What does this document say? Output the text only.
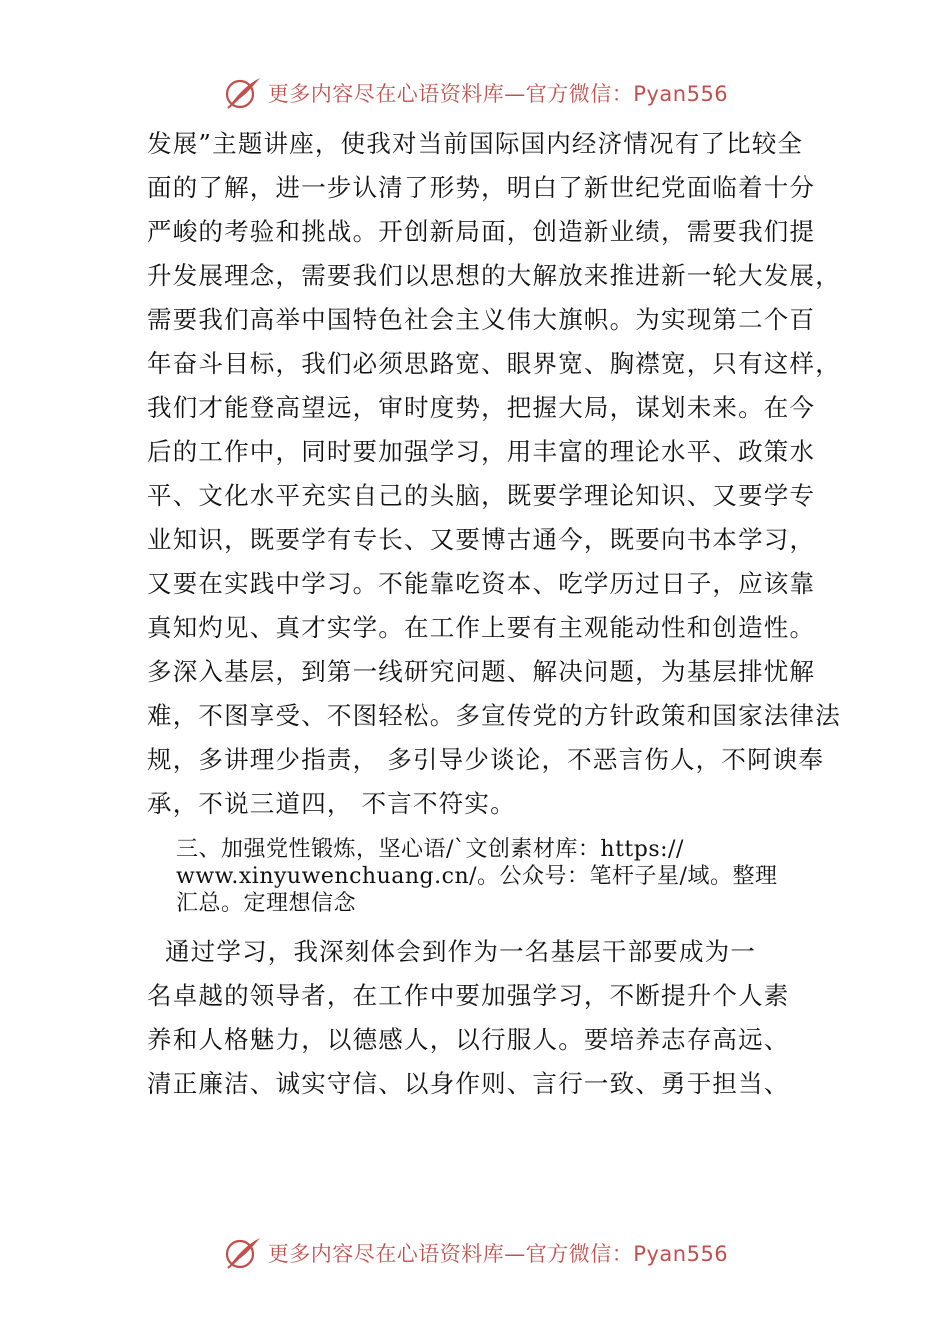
更多内容尽在心语资料库—官方微信：Pyan556
发展”主题讲座，使我对当前国际国内经济情况有了比较全
面的了解，进一步认清了形势，明白了新世纪党面临着十分
严峻的考验和挑战。开创新局面，创造新业绩，需要我们提
升发展理念，需要我们以思想的大解放来推进新一轮大发展，
需要我们高举中国特色社会主义伟大旗帜。为实现第二个百
年奋斗目标，我们必须思路宽、眼界宽、胸襟宽，只有这样，
我们才能登高望远，审时度势，把握大局，谋划未来。在今
后的工作中，同时要加强学习，用丰富的理论水平、政策水
平、文化水平充实自己的头脑，既要学理论知识、又要学专
业知识，既要学有专长、又要博古通今，既要向书本学习，
又要在实践中学习。不能靠吃资本、吃学历过日子，应该靠
真知灼见、真才实学。在工作上要有主观能动性和创造性。
多深入基层，到第一线研究问题、解决问题，为基层排忧解
难，不图享受、不图轻松。多宣传党的方针政策和国家法律法
规，多讲理少指责， 多引导少谈论，不恶言伤人，不阿谀奉
承，不说三道四， 不言不符实。
三、加强党性锻炼，坚心语/`文创素材库：https://
www.xinyuwenchuang.cn/。公众号：笔杆子星/域。整理
汇总。定理想信念
通过学习，我深刻体会到作为一名基层干部要成为一
名卓越的领导者，在工作中要加强学习，不断提升个人素
养和人格魅力，以德感人，以行服人。要培养志存高远、
清正廉洁、诚实守信、以身作则、言行一致、勇于担当、
更多内容尽在心语资料库—官方微信：Pyan556
